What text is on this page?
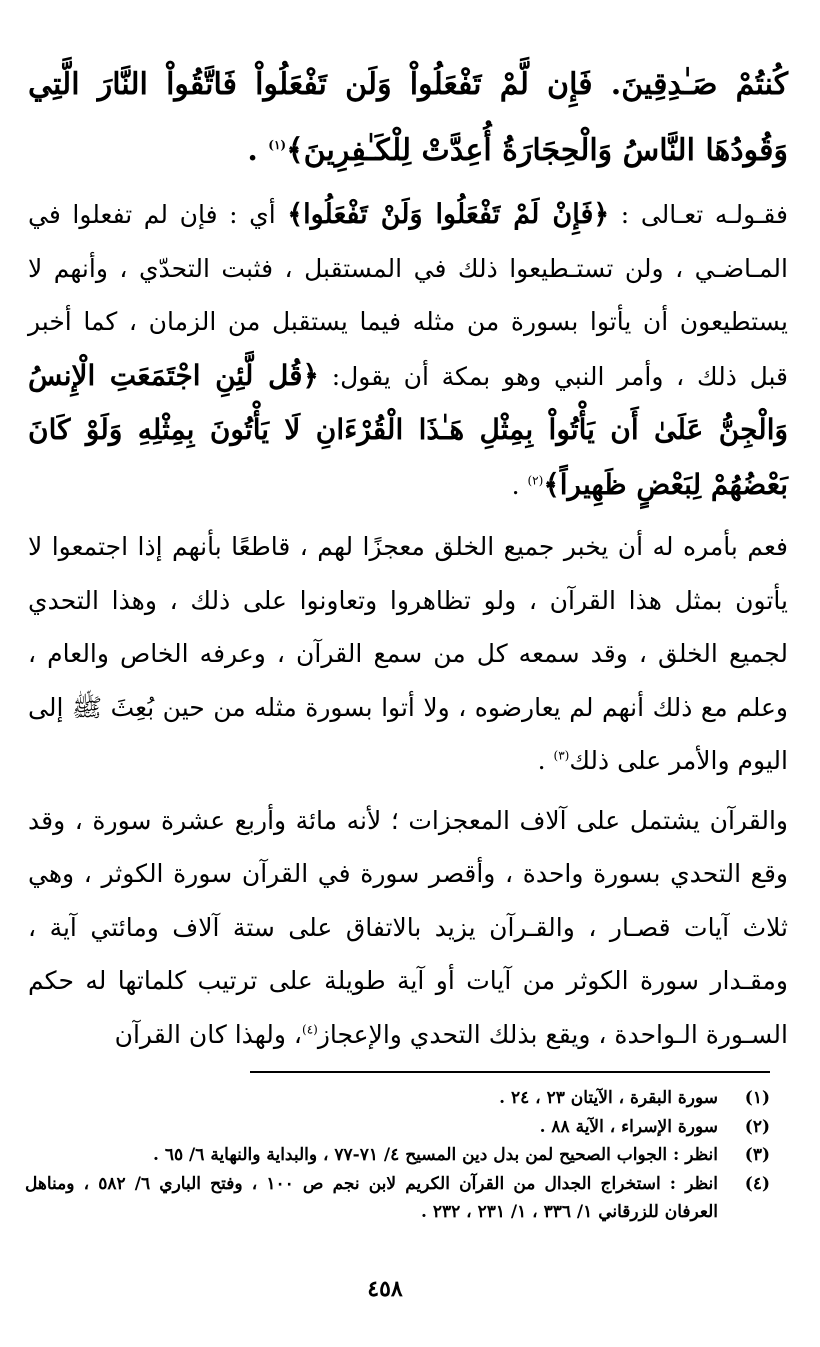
كُنتُمْ صَـٰدِقِينَ. فَإِن لَّمْ تَفْعَلُواْ وَلَن تَفْعَلُواْ فَاتَّقُواْ النَّارَ الَّتِي وَقُودُهَا النَّاسُ وَالْحِجَارَةُ أُعِدَّتْ لِلْكَـٰفِرِينَ﴾$^{(١)}$ .

فقـولـه تعـالى : ﴿فَإِنْ لَمْ تَفْعَلُوا وَلَنْ تَفْعَلُوا﴾ أي : فإن لم تفعلوا في المـاضـي ، ولن تستـطيعوا ذلك في المستقبل ، فثبت التحدّي ، وأنهم لا يستطيعون أن يأتوا بسورة من مثله فيما يستقبل من الزمان ، كما أخبر قبل ذلك ، وأمر النبي وهو بمكة أن يقول: ﴿قُل لَّئِنِ اجْتَمَعَتِ الْإِنسُ وَالْجِنُّ عَلَىٰ أَن يَأْتُواْ بِمِثْلِ هَـٰذَا الْقُرْءَانِ لَا يَأْتُونَ بِمِثْلِهِ وَلَوْ كَانَ بَعْضُهُمْ لِبَعْضٍ ظَهِيراً﴾$^{(٢)}$ .

فعم بأمره له أن يخبر جميع الخلق معجزًا لهم ، قاطعًا بأنهم إذا اجتمعوا لا يأتون بمثل هذا القرآن ، ولو تظاهروا وتعاونوا على ذلك ، وهذا التحدي لجميع الخلق ، وقد سمعه كل من سمع القرآن ، وعرفه الخاص والعام ، وعلم مع ذلك أنهم لم يعارضوه ، ولا أتوا بسورة مثله من حين بُعِثَ ﷺ إلى اليوم والأمر على ذلك$^{(٣)}$ .

والقرآن يشتمل على آلاف المعجزات ؛ لأنه مائة وأربع عشرة سورة ، وقد وقع التحدي بسورة واحدة ، وأقصر سورة في القرآن سورة الكوثر ، وهي ثلاث آيات قصـار ، والقـرآن يزيد بالاتفاق على ستة آلاف ومائتي آية ، ومقـدار سورة الكوثر من آيات أو آية طويلة على ترتيب كلماتها له حكم السـورة الـواحدة ، ويقع بذلك التحدي والإعجاز$^{(٤)}$، ولهذا كان القرآن

(١)
سورة البقرة ، الآيتان ٢٣ ، ٢٤ .
(٢)
سورة الإسراء ، الآية ٨٨ .
(٣)
انظر : الجواب الصحيح لمن بدل دين المسيح ٤/ ٧١-٧٧ ، والبداية والنهاية ٦/ ٦٥ .
(٤)
انظر : استخراج الجدال من القرآن الكريم لابن نجم ص ١٠٠ ، وفتح الباري ٦/ ٥٨٢ ، ومناهل العرفان للزرقاني ١/ ٣٣٦ ، ١/ ٢٣١ ، ٢٣٢ .
٤٥٨
